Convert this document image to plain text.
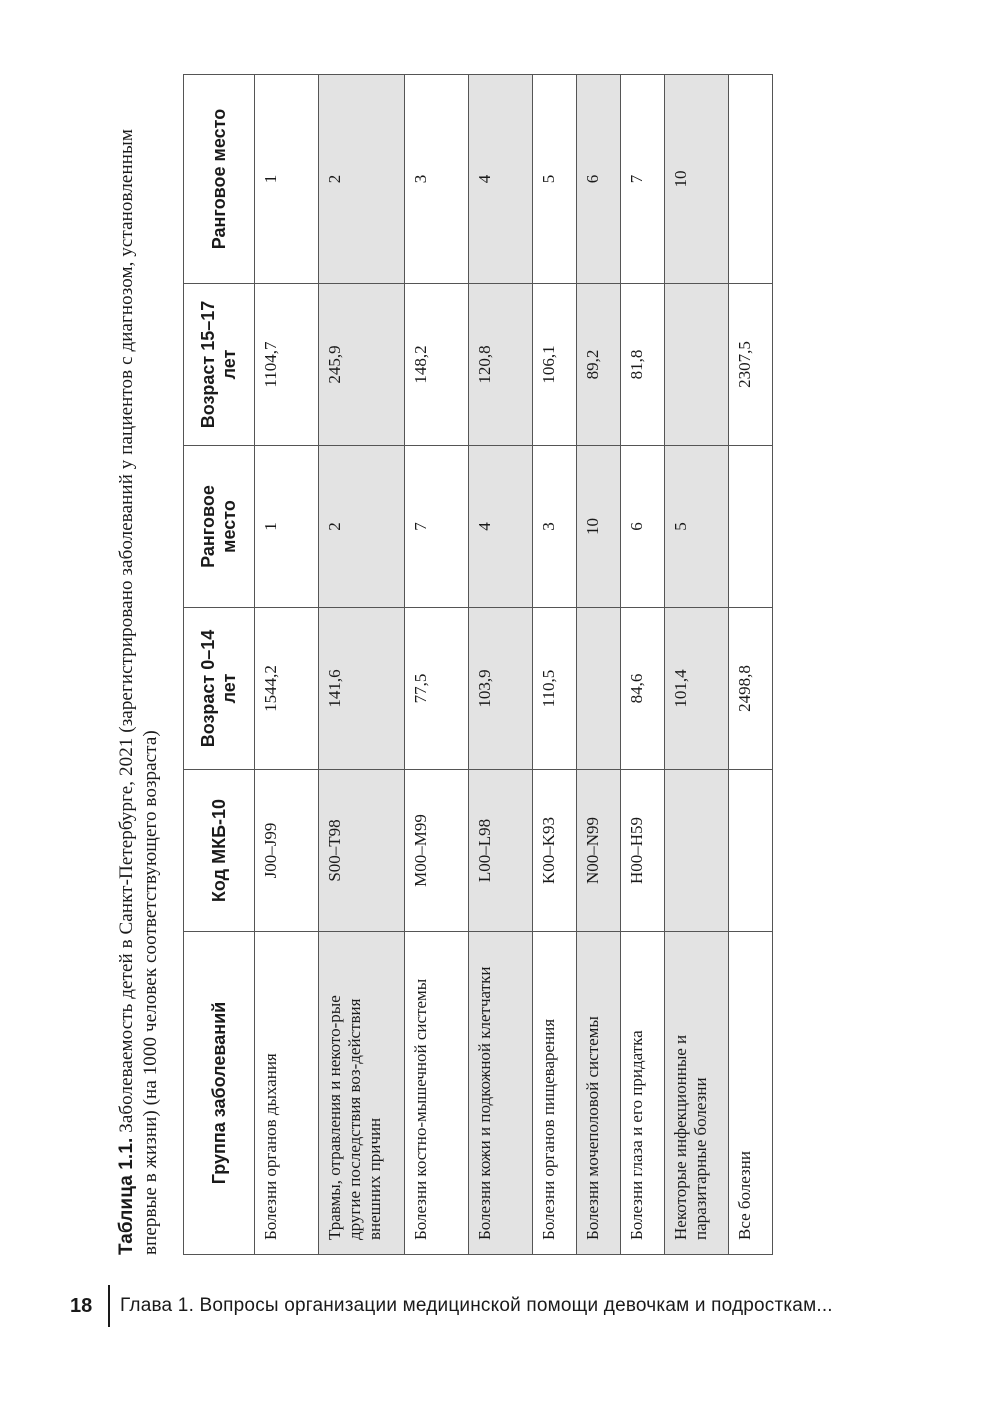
Таблица 1.1. Заболеваемость детей в Санкт-Петербурге, 2021 (зарегистрировано заболеваний у пациентов с диагнозом, установленным впервые в жизни) (на 1000 человек соответствующего возраста)	Группа заболеваний	Код МКБ-10	Возраст 0–14 лет	Ранговое место	Возраст 15–17 лет	Ранговое место
Болезни органов дыхания	J00–J99	1544,2	1	1104,7	1
Травмы, отравления и некото-рые другие последствия воз-действия внешних причин	S00–T98	141,6	2	245,9	2
Болезни костно-мышечной системы	M00–M99	77,5	7	148,2	3
Болезни кожи и подкожной клетчатки	L00–L98	103,9	4	120,8	4
Болезни органов пищеварения	K00–K93	110,5	3	106,1	5
Болезни мочеполовой системы	N00–N99		10	89,2	6
Болезни глаза и его придатка	H00–H59	84,6	6	81,8	7
Некоторые инфекционные и паразитарные болезни		101,4	5		10
Все болезни		2498,8		2307,5	
18 Глава 1. Вопросы организации медицинской помощи девочкам и подросткам...
